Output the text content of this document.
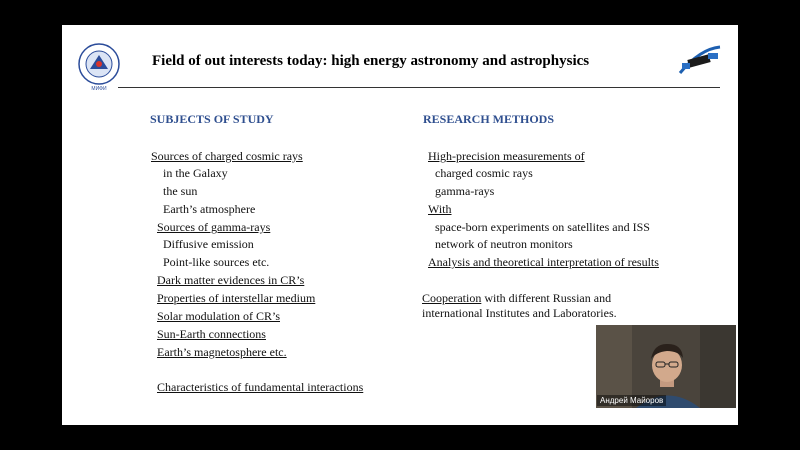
МИФИ
Field of out interests today: high energy astronomy and astrophysics
SUBJECTS OF STUDY	RESEARCH METHODS
Sources of charged cosmic rays
in the Galaxy
the sun
Earth’s atmosphere
Sources of gamma-rays
Diffusive emission
Point-like sources etc.
Dark matter evidences in CR’s
Properties of interstellar medium
Solar modulation of CR’s
Sun-Earth connections
Earth’s magnetosphere etc.
Characteristics of fundamental interactions
High-precision measurements of
charged cosmic rays
gamma-rays
With
space-born experiments on satellites and ISS
network of neutron monitors
Analysis and theoretical interpretation of results
Cooperation with different Russian and
international Institutes and Laboratories.
Андрей Майоров
